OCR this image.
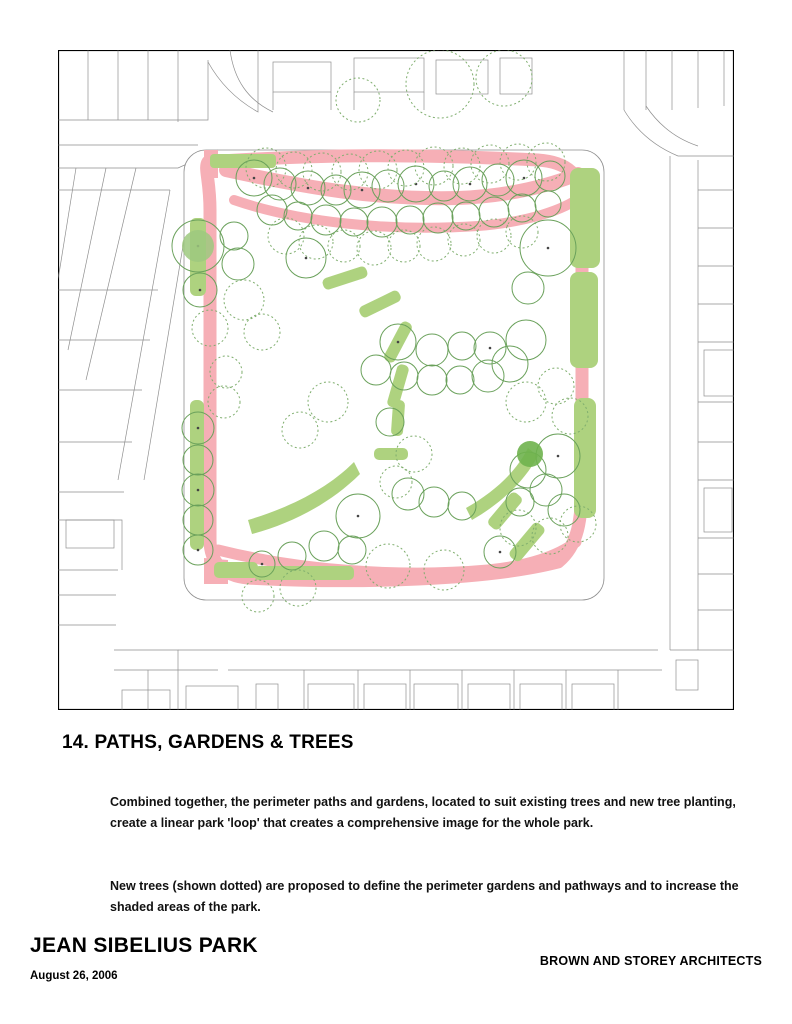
14. PATHS, GARDENS & TREES
Combined together, the perimeter paths and gardens, located to suit existing trees and new tree planting, create a linear park 'loop' that creates a comprehensive image for the whole park.
New trees (shown dotted) are proposed to define the perimeter gardens and pathways and to increase the shaded areas of the park.
JEAN SIBELIUS PARK
August 26, 2006
BROWN AND STOREY ARCHITECTS
